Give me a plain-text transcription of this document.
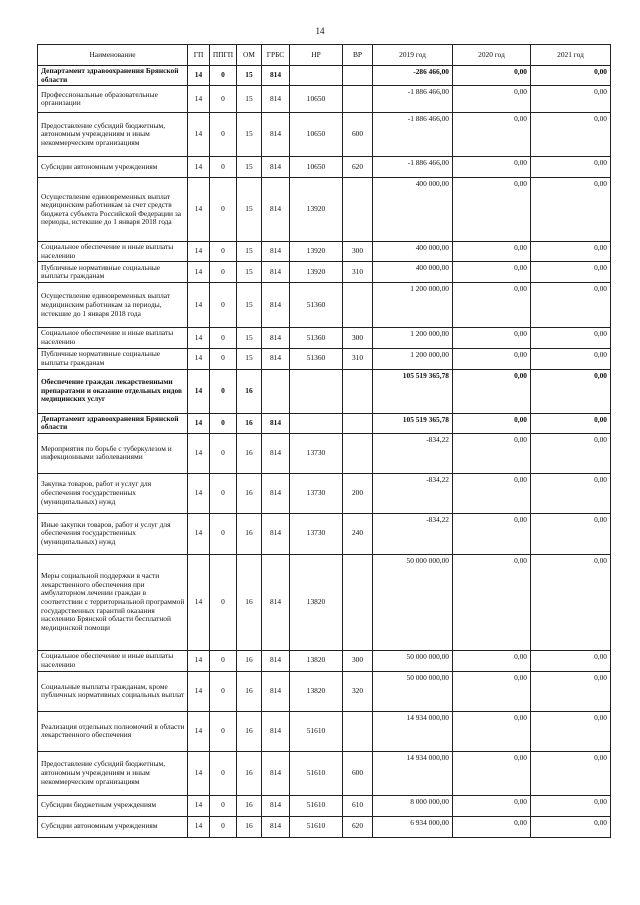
14
Наименование	ГП	ППГП	ОМ	ГРБС	НР	ВР	2019 год	2020 год	2021 год
Департамент здравоохранения Брянской области	14	0	15	814			-286 466,00	0,00	0,00
Профессиональные образовательные организации	14	0	15	814	10650		-1 886 466,00	0,00	0,00
Предоставление субсидий бюджетным, автономным учреждениям и иным некоммерческим организациям	14	0	15	814	10650	600	-1 886 466,00	0,00	0,00
Субсидии автономным учреждениям	14	0	15	814	10650	620	-1 886 466,00	0,00	0,00
Осуществление единовременных выплат медицинским работникам за счет средств бюджета субъекта Российской Федерации за периоды, истекшие до 1 января 2018 года	14	0	15	814	13920		400 000,00	0,00	0,00
Социальное обеспечение и иные выплаты населению	14	0	15	814	13920	300	400 000,00	0,00	0,00
Публичные нормативные социальные выплаты гражданам	14	0	15	814	13920	310	400 000,00	0,00	0,00
Осуществление единовременных выплат медицинским работникам за периоды, истекшие до 1 января 2018 года	14	0	15	814	51360		1 200 000,00	0,00	0,00
Социальное обеспечение и иные выплаты населению	14	0	15	814	51360	300	1 200 000,00	0,00	0,00
Публичные нормативные социальные выплаты гражданам	14	0	15	814	51360	310	1 200 000,00	0,00	0,00
Обеспечение граждан лекарственными препаратами и оказание отдельных видов медицинских услуг	14	0	16				105 519 365,78	0,00	0,00
Департамент здравоохранения Брянской области	14	0	16	814			105 519 365,78	0,00	0,00
Мероприятия по борьбе с туберкулезом и инфекционными заболеваниями	14	0	16	814	13730		-834,22	0,00	0,00
Закупка товаров, работ и услуг для обеспечения государственных (муниципальных) нужд	14	0	16	814	13730	200	-834,22	0,00	0,00
Иные закупки товаров, работ и услуг для обеспечения государственных (муниципальных) нужд	14	0	16	814	13730	240	-834,22	0,00	0,00
Меры социальной поддержки в части лекарственного обеспечения при амбулаторном лечении граждан в соответствии с территориальной программой государственных гарантий оказания населению Брянской области бесплатной медицинской помощи	14	0	16	814	13820		50 000 000,00	0,00	0,00
Социальное обеспечение и иные выплаты населению	14	0	16	814	13820	300	50 000 000,00	0,00	0,00
Социальные выплаты гражданам, кроме публичных нормативных социальных выплат	14	0	16	814	13820	320	50 000 000,00	0,00	0,00
Реализация отдельных полномочий в области лекарственного обеспечения	14	0	16	814	51610		14 934 000,00	0,00	0,00
Предоставление субсидий бюджетным, автономным учреждениям и иным некоммерческим организациям	14	0	16	814	51610	600	14 934 000,00	0,00	0,00
Субсидии бюджетным учреждениям	14	0	16	814	51610	610	8 000 000,00	0,00	0,00
Субсидии автономным учреждениям	14	0	16	814	51610	620	6 934 000,00	0,00	0,00
